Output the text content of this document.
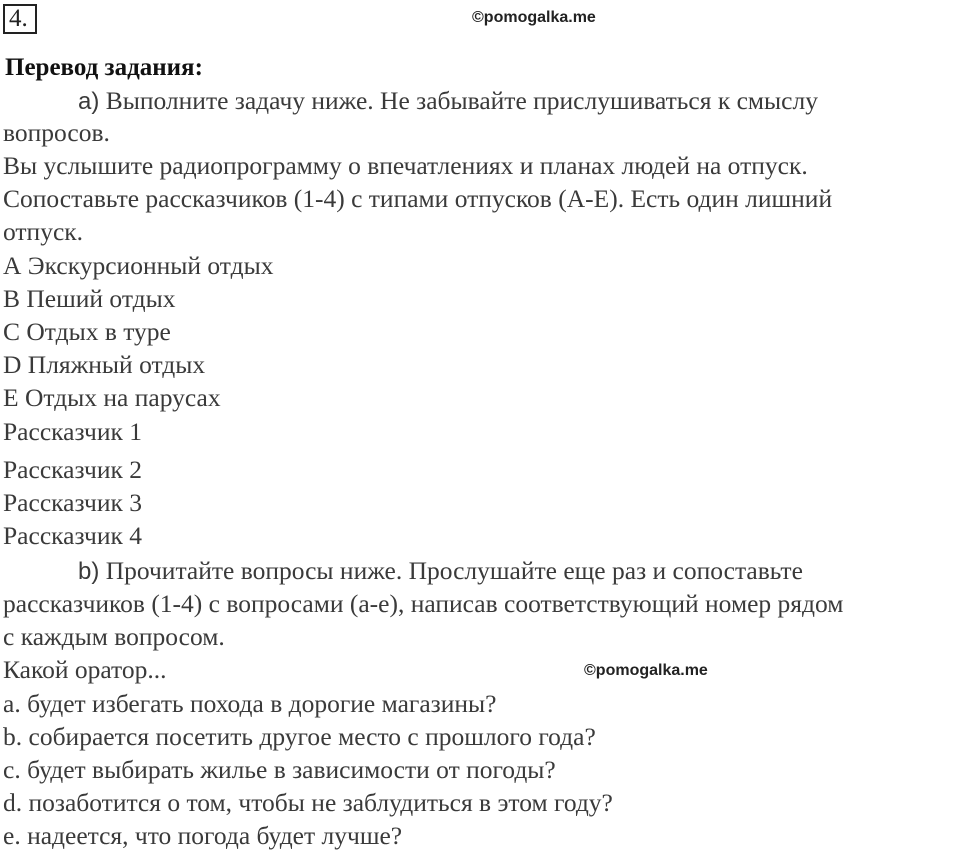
4.	©pomogalka.me
Перевод задания:
a) Выполните задачу ниже. Не забывайте прислушиваться к смыслу
вопросов.
Вы услышите радиопрограмму о впечатлениях и планах людей на отпуск.
Сопоставьте рассказчиков (1-4) с типами отпусков (А-Е). Есть один лишний
отпуск.
А Экскурсионный отдых
В Пеший отдых
С Отдых в туре
D Пляжный отдых
Е Отдых на парусах
Рассказчик 1
Рассказчик 2
Рассказчик 3
Рассказчик 4
b) Прочитайте вопросы ниже. Прослушайте еще раз и сопоставьте
рассказчиков (1-4) с вопросами (a-e), написав соответствующий номер рядом
с каждым вопросом.
Какой оратор...	©pomogalka.me
a. будет избегать похода в дорогие магазины?
b. собирается посетить другое место с прошлого года?
c. будет выбирать жилье в зависимости от погоды?
d. позаботится о том, чтобы не заблудиться в этом году?
e. надеется, что погода будет лучше?
